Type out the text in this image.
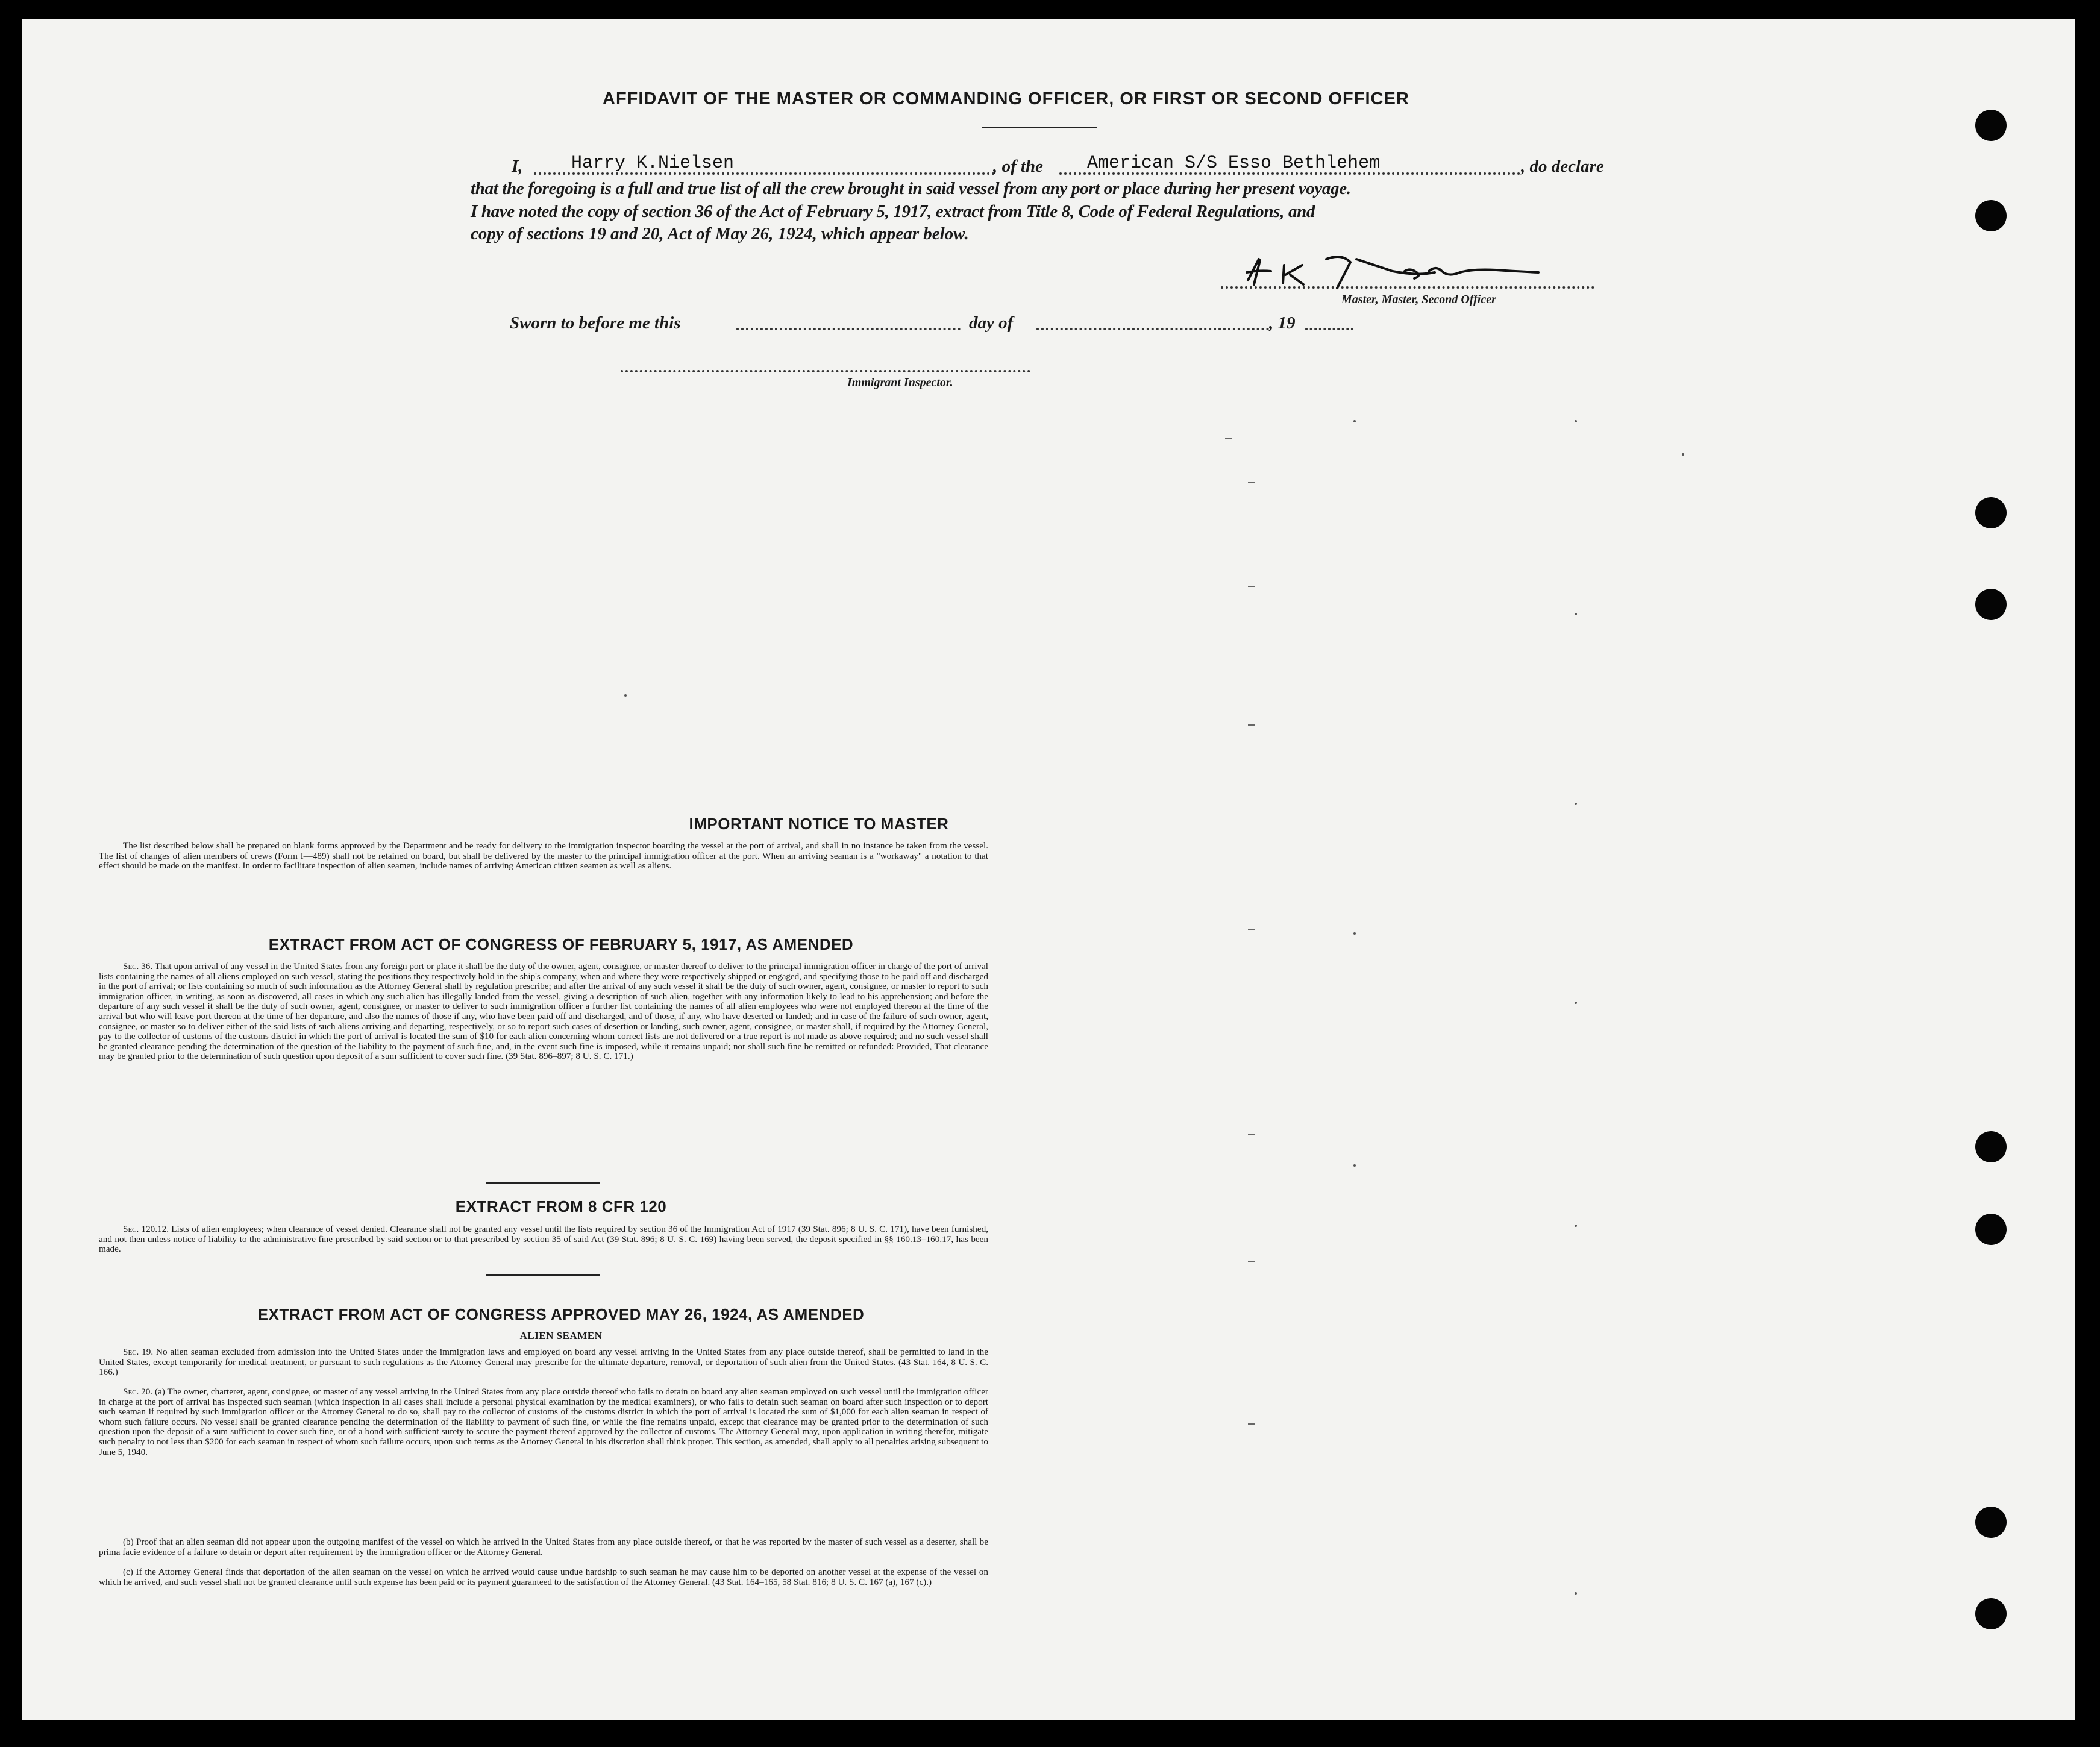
AFFIDAVIT OF THE MASTER OR COMMANDING OFFICER, OR FIRST OR SECOND OFFICER
I,	Harry K.Nielsen	, of the American S/S Esso Bethlehem	, do declare
that the foregoing is a full and true list of all the crew brought in said vessel from any port or place during her present voyage.
I have noted the copy of section 36 of the Act of February 5, 1917, extract from Title 8, Code of Federal Regulations, and
copy of sections 19 and 20, Act of May 26, 1924, which appear below.
Master, Master, Second Officer
Sworn to before me this	day of	, 19
Immigrant Inspector.
IMPORTANT NOTICE TO MASTER
The list described below shall be prepared on blank forms approved by the Department and be ready for delivery to the immigration inspector boarding the vessel at the port of arrival, and shall in no instance be taken from the vessel. The list of changes of alien members of crews (Form I—489) shall not be retained on board, but shall be delivered by the master to the principal immigration officer at the port. When an arriving seaman is a "workaway" a notation to that effect should be made on the manifest. In order to facilitate inspection of alien seamen, include names of arriving American citizen seamen as well as aliens.
EXTRACT FROM ACT OF CONGRESS OF FEBRUARY 5, 1917, AS AMENDED
Sec. 36. That upon arrival of any vessel in the United States from any foreign port or place it shall be the duty of the owner, agent, consignee, or master thereof to deliver to the principal immigration officer in charge of the port of arrival lists containing the names of all aliens employed on such vessel, stating the positions they respectively hold in the ship's company, when and where they were respectively shipped or engaged, and specifying those to be paid off and discharged in the port of arrival; or lists containing so much of such information as the Attorney General shall by regulation prescribe; and after the arrival of any such vessel it shall be the duty of such owner, agent, consignee, or master to report to such immigration officer, in writing, as soon as discovered, all cases in which any such alien has illegally landed from the vessel, giving a description of such alien, together with any information likely to lead to his apprehension; and before the departure of any such vessel it shall be the duty of such owner, agent, consignee, or master to deliver to such immigration officer a further list containing the names of all alien employees who were not employed thereon at the time of the arrival but who will leave port thereon at the time of her departure, and also the names of those if any, who have been paid off and discharged, and of those, if any, who have deserted or landed; and in case of the failure of such owner, agent, consignee, or master so to deliver either of the said lists of such aliens arriving and departing, respectively, or so to report such cases of desertion or landing, such owner, agent, consignee, or master shall, if required by the Attorney General, pay to the collector of customs of the customs district in which the port of arrival is located the sum of $10 for each alien concerning whom correct lists are not delivered or a true report is not made as above required; and no such vessel shall be granted clearance pending the determination of the question of the liability to the payment of such fine, and, in the event such fine is imposed, while it remains unpaid; nor shall such fine be remitted or refunded: Provided, That clearance may be granted prior to the determination of such question upon deposit of a sum sufficient to cover such fine. (39 Stat. 896–897; 8 U. S. C. 171.)
EXTRACT FROM 8 CFR 120
Sec. 120.12. Lists of alien employees; when clearance of vessel denied. Clearance shall not be granted any vessel until the lists required by section 36 of the Immigration Act of 1917 (39 Stat. 896; 8 U. S. C. 171), have been furnished, and not then unless notice of liability to the administrative fine prescribed by said section or to that prescribed by section 35 of said Act (39 Stat. 896; 8 U. S. C. 169) having been served, the deposit specified in §§ 160.13–160.17, has been made.
EXTRACT FROM ACT OF CONGRESS APPROVED MAY 26, 1924, AS AMENDED
ALIEN SEAMEN
Sec. 19. No alien seaman excluded from admission into the United States under the immigration laws and employed on board any vessel arriving in the United States from any place outside thereof, shall be permitted to land in the United States, except temporarily for medical treatment, or pursuant to such regulations as the Attorney General may prescribe for the ultimate departure, removal, or deportation of such alien from the United States. (43 Stat. 164, 8 U. S. C. 166.)
Sec. 20. (a) The owner, charterer, agent, consignee, or master of any vessel arriving in the United States from any place outside thereof who fails to detain on board any alien seaman employed on such vessel until the immigration officer in charge at the port of arrival has inspected such seaman (which inspection in all cases shall include a personal physical examination by the medical examiners), or who fails to detain such seaman on board after such inspection or to deport such seaman if required by such immigration officer or the Attorney General to do so, shall pay to the collector of customs of the customs district in which the port of arrival is located the sum of $1,000 for each alien seaman in respect of whom such failure occurs. No vessel shall be granted clearance pending the determination of the liability to payment of such fine, or while the fine remains unpaid, except that clearance may be granted prior to the determination of such question upon the deposit of a sum sufficient to cover such fine, or of a bond with sufficient surety to secure the payment thereof approved by the collector of customs. The Attorney General may, upon application in writing therefor, mitigate such penalty to not less than $200 for each seaman in respect of whom such failure occurs, upon such terms as the Attorney General in his discretion shall think proper. This section, as amended, shall apply to all penalties arising subsequent to June 5, 1940.
(b) Proof that an alien seaman did not appear upon the outgoing manifest of the vessel on which he arrived in the United States from any place outside thereof, or that he was reported by the master of such vessel as a deserter, shall be prima facie evidence of a failure to detain or deport after requirement by the immigration officer or the Attorney General.
(c) If the Attorney General finds that deportation of the alien seaman on the vessel on which he arrived would cause undue hardship to such seaman he may cause him to be deported on another vessel at the expense of the vessel on which he arrived, and such vessel shall not be granted clearance until such expense has been paid or its payment guaranteed to the satisfaction of the Attorney General. (43 Stat. 164–165, 58 Stat. 816; 8 U. S. C. 167 (a), 167 (c).)
